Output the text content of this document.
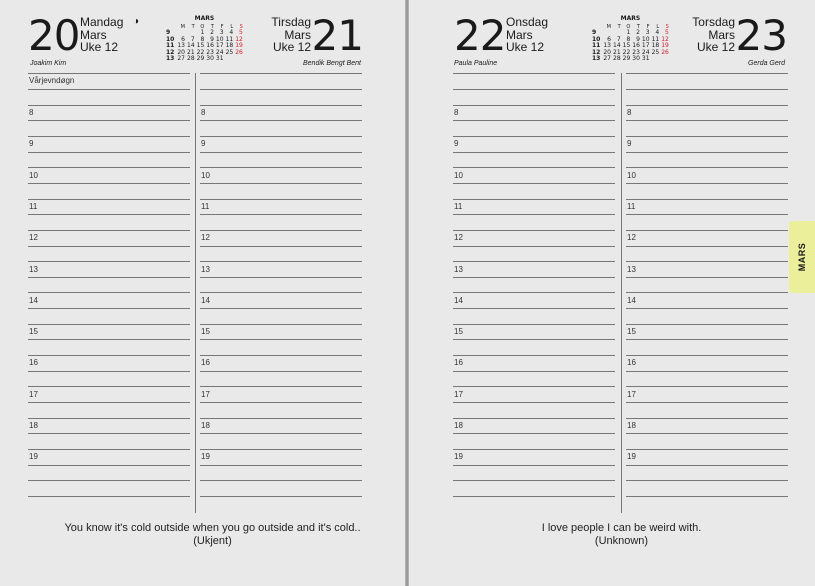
20 Mandag
Mars
Uke 12
Joakim Kim
◑	MARS
	M	T	O	T	F	L	S
9			1	2	3	4	5
10	6	7	8	9	10	11	12
11	13	14	15	16	17	18	19
12	20	21	22	23	24	25	26
13	27	28	29	30	31		21
Tirsdag
Mars
Uke 12
Bendik Bengt Bent
Vårjevndøgn
8
9
10
11
12
13
14
15
16
17
18
19
8
9
10
11
12
13
14
15
16
17
18
19
You know it's cold outside when you go outside and it's cold..
(Ukjent)
22 Onsdag
Mars
Uke 12
Paula Pauline
MARS
	M	T	O	T	F	L	S
9			1	2	3	4	5
10	6	7	8	9	10	11	12
11	13	14	15	16	17	18	19
12	20	21	22	23	24	25	26
13	27	28	29	30	31		23
Torsdag
Mars
Uke 12
Gerda Gerd
8
9
10
11
12
13
14
15
16
17
18
19
8
9
10
11
12
13
14
15
16
17
18
19
I love people I can be weird with.
(Unknown)
MARS
